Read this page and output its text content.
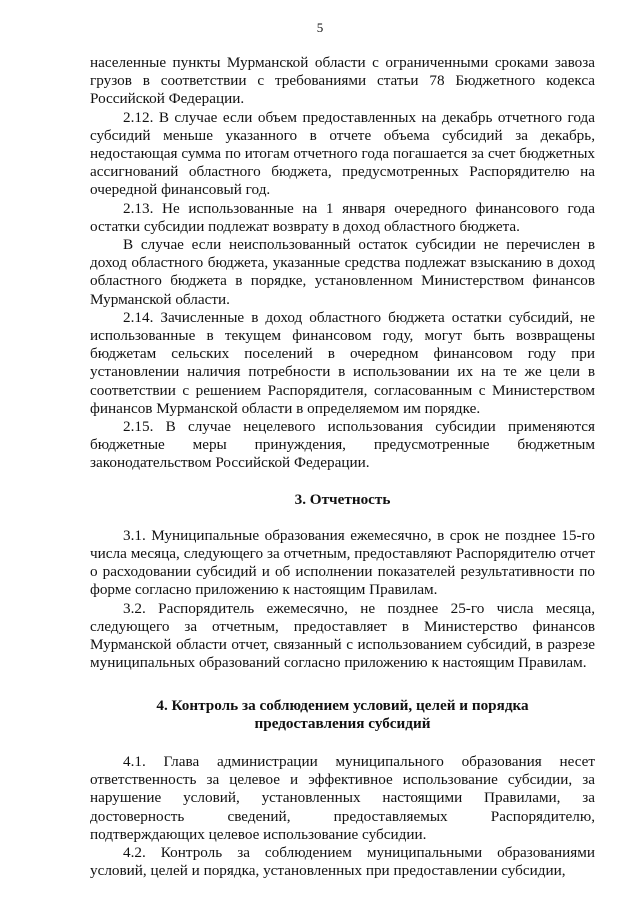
5

населенные пункты Мурманской области с ограниченными сроками завоза грузов в соответствии с требованиями статьи 78 Бюджетного кодекса Российской Федерации.

2.12. В случае если объем предоставленных на декабрь отчетного года субсидий меньше указанного в отчете объема субсидий за декабрь, недостающая сумма по итогам отчетного года погашается за счет бюджетных ассигнований областного бюджета, предусмотренных Распорядителю на очередной финансовый год.

2.13. Не использованные на 1 января очередного финансового года остатки субсидии подлежат возврату в доход областного бюджета.

В случае если неиспользованный остаток субсидии не перечислен в доход областного бюджета, указанные средства подлежат взысканию в доход областного бюджета в порядке, установленном Министерством финансов Мурманской области.

2.14. Зачисленные в доход областного бюджета остатки субсидий, не использованные в текущем финансовом году, могут быть возвращены бюджетам сельских поселений в очередном финансовом году при установлении наличия потребности в использовании их на те же цели в соответствии с решением Распорядителя, согласованным с Министерством финансов Мурманской области в определяемом им порядке.

2.15. В случае нецелевого использования субсидии применяются бюджетные меры принуждения, предусмотренные бюджетным законодательством Российской Федерации.

3. Отчетность

3.1. Муниципальные образования ежемесячно, в срок не позднее 15-го числа месяца, следующего за отчетным, предоставляют Распорядителю отчет о расходовании субсидий и об исполнении показателей результативности по форме согласно приложению к настоящим Правилам.

3.2. Распорядитель ежемесячно, не позднее 25-го числа месяца, следующего за отчетным, предоставляет в Министерство финансов Мурманской области отчет, связанный с использованием субсидий, в разрезе муниципальных образований согласно приложению к настоящим Правилам.

4. Контроль за соблюдением условий, целей и порядка
предоставления субсидий

4.1. Глава администрации муниципального образования несет ответственность за целевое и эффективное использование субсидии, за нарушение условий, установленных настоящими Правилами, за достоверность сведений, предоставляемых Распорядителю, подтверждающих целевое использование субсидии.

4.2. Контроль за соблюдением муниципальными образованиями условий, целей и порядка, установленных при предоставлении субсидии,
